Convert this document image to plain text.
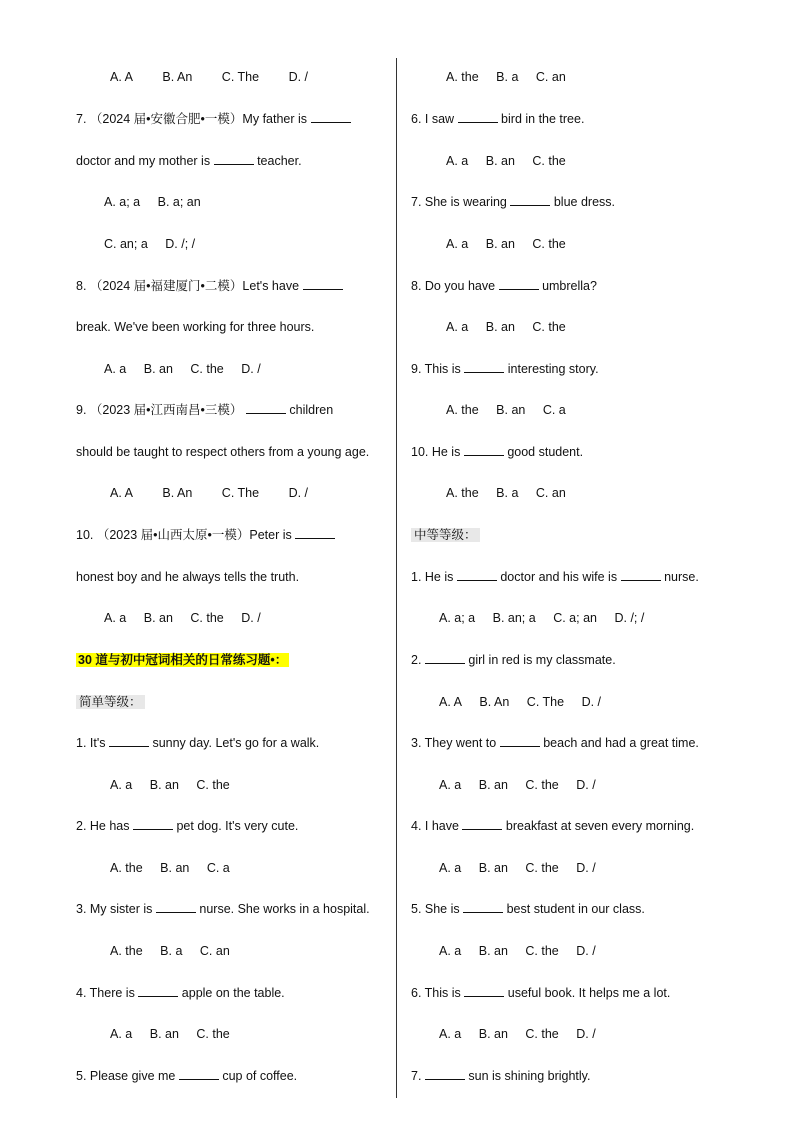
A. A B. An C. The D. /
7. （2024 届•安徽合肥•一模）My father is
doctor and my mother is	teacher.
A. a; a B. a; an
C. an; a D. /; /
8. （2024 届•福建厦门•二模）Let's have
break. We've been working for three hours.
A. a B. an C. the D. /
9. （2023 届•江西南昌•三模）	children
should be taught to respect others from a young age.
A. A B. An C. The D. /
10. （2023 届•山西太原•一模）Peter is
honest boy and he always tells the truth.
A. a B. an C. the D. /
30 道与初中冠词相关的日常练习题•：
简单等级：
1. It's	sunny day. Let's go for a walk.
A. a B. an C. the
2. He has	pet dog. It's very cute.
A. the B. an C. a
3. My sister is	nurse. She works in a hospital.
A. the B. a C. an
4. There is	apple on the table.
A. a B. an C. the
5. Please give me	cup of coffee.
A. the B. a C. an
6. I saw	bird in the tree.
A. a B. an C. the
7. She is wearing	blue dress.
A. a B. an C. the
8. Do you have	umbrella?
A. a B. an C. the
9. This is	interesting story.
A. the B. an C. a
10. He is	good student.
A. the B. a C. an
中等等级：
1. He is	doctor and his wife is	nurse.
A. a; a B. an; a C. a; an D. /; /
2.	girl in red is my classmate.
A. A B. An C. The D. /
3. They went to	beach and had a great time.
A. a B. an C. the D. /
4. I have	breakfast at seven every morning.
A. a B. an C. the D. /
5. She is	best student in our class.
A. a B. an C. the D. /
6. This is	useful book. It helps me a lot.
A. a B. an C. the D. /
7.	sun is shining brightly.
